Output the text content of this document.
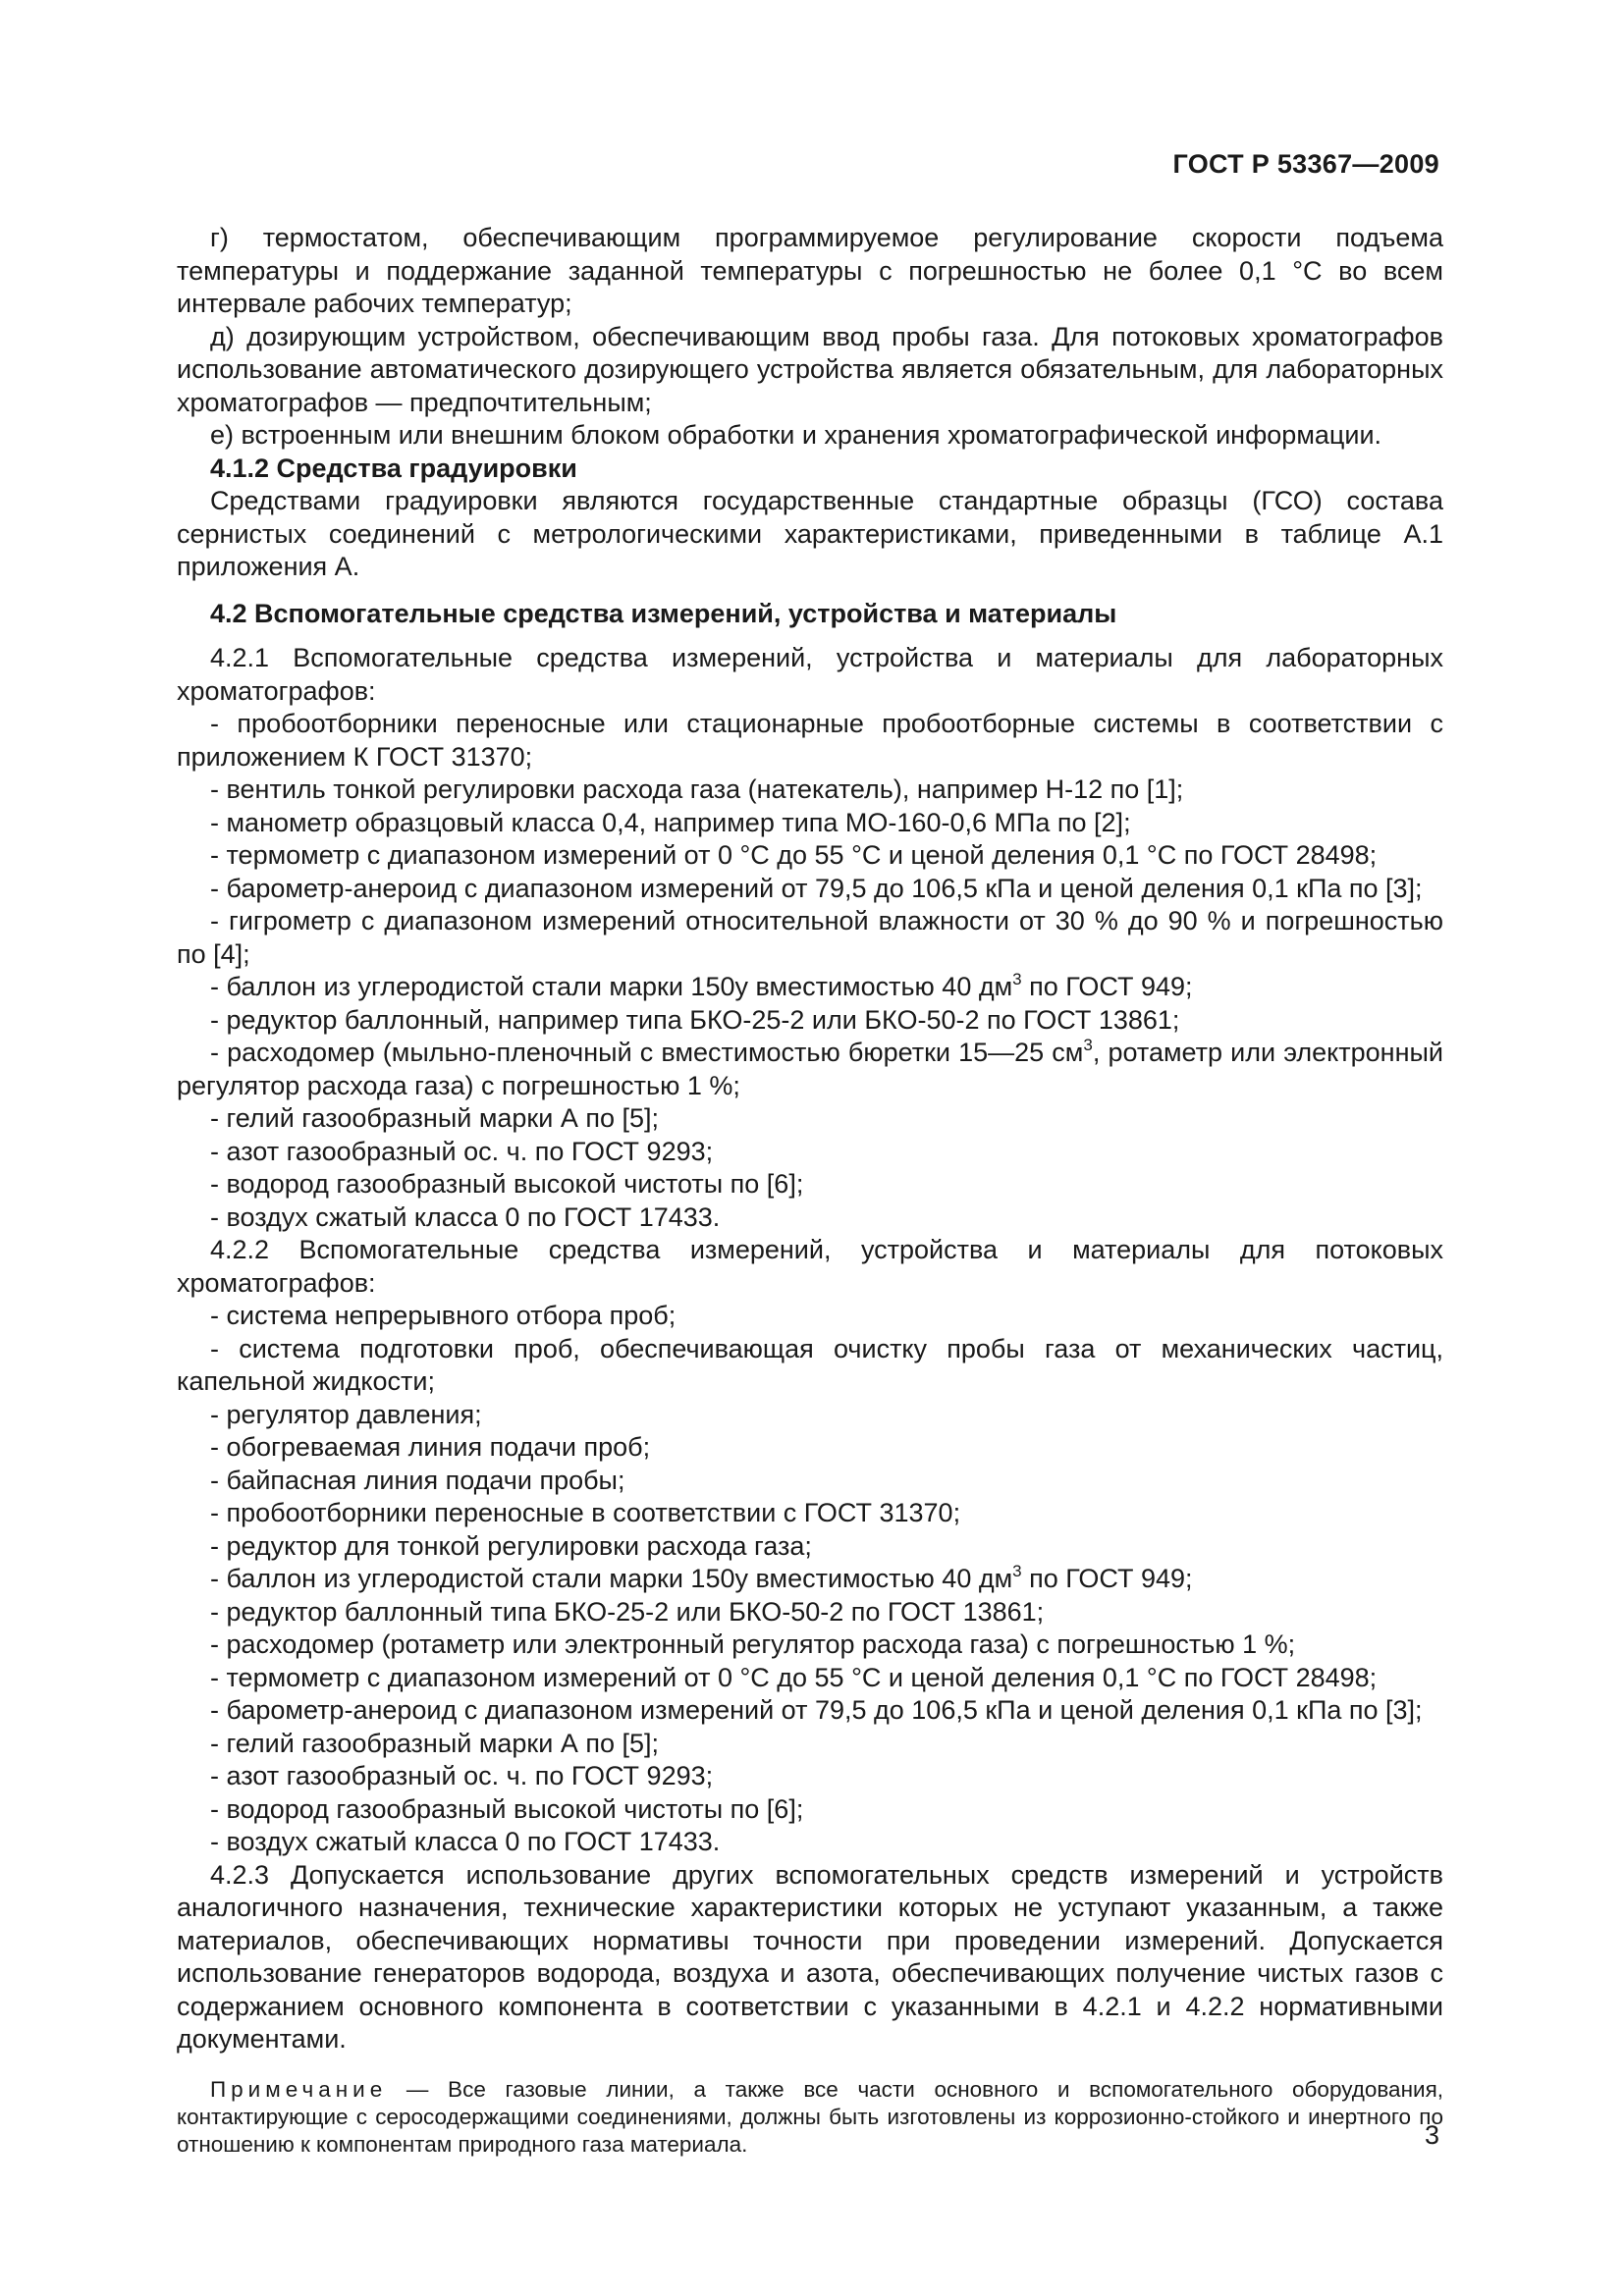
ГОСТ Р 53367—2009

г) термостатом, обеспечивающим программируемое регулирование скорости подъема температуры и поддержание заданной температуры с погрешностью не более 0,1 °С во всем интервале рабочих температур;

д) дозирующим устройством, обеспечивающим ввод пробы газа. Для потоковых хроматографов использование автоматического дозирующего устройства является обязательным, для лабораторных хроматографов — предпочтительным;

е) встроенным или внешним блоком обработки и хранения хроматографической информации.

4.1.2 Средства градуировки

Средствами градуировки являются государственные стандартные образцы (ГСО) состава сернистых соединений с метрологическими характеристиками, приведенными в таблице А.1 приложения А.

4.2 Вспомогательные средства измерений, устройства и материалы

4.2.1 Вспомогательные средства измерений, устройства и материалы для лабораторных хроматографов:

- пробоотборники переносные или стационарные пробоотборные системы в соответствии с приложением К ГОСТ 31370;

- вентиль тонкой регулировки расхода газа (натекатель), например Н-12 по [1];

- манометр образцовый класса 0,4, например типа МО-160-0,6 МПа по [2];

- термометр с диапазоном измерений от 0 °С до 55 °С и ценой деления 0,1 °С по ГОСТ 28498;

- барометр-анероид с диапазоном измерений от 79,5 до 106,5 кПа и ценой деления 0,1 кПа по [3];

- гигрометр с диапазоном измерений относительной влажности от 30 % до 90 % и погрешностью по [4];

- баллон из углеродистой стали марки 150у вместимостью 40 $дм^3$ по ГОСТ 949;

- редуктор баллонный, например типа БКО-25-2 или БКО-50-2 по ГОСТ 13861;

- расходомер (мыльно-пленочный с вместимостью бюретки 15—25 $см^3$, ротаметр или электронный регулятор расхода газа) с погрешностью 1 %;

- гелий газообразный марки А по [5];

- азот газообразный ос. ч. по ГОСТ 9293;

- водород газообразный высокой чистоты по [6];

- воздух сжатый класса 0 по ГОСТ 17433.

4.2.2 Вспомогательные средства измерений, устройства и материалы для потоковых хроматографов:

- система непрерывного отбора проб;

- система подготовки проб, обеспечивающая очистку пробы газа от механических частиц, капельной жидкости;

- регулятор давления;

- обогреваемая линия подачи проб;

- байпасная линия подачи пробы;

- пробоотборники переносные в соответствии с ГОСТ 31370;

- редуктор для тонкой регулировки расхода газа;

- баллон из углеродистой стали марки 150у вместимостью 40 $дм^3$ по ГОСТ 949;

- редуктор баллонный типа БКО-25-2 или БКО-50-2 по ГОСТ 13861;

- расходомер (ротаметр или электронный регулятор расхода газа) с погрешностью 1 %;

- термометр с диапазоном измерений от 0 °С до 55 °С и ценой деления 0,1 °С по ГОСТ 28498;

- барометр-анероид с диапазоном измерений от 79,5 до 106,5 кПа и ценой деления 0,1 кПа по [3];

- гелий газообразный марки А по [5];

- азот газообразный ос. ч. по ГОСТ 9293;

- водород газообразный высокой чистоты по [6];

- воздух сжатый класса 0 по ГОСТ 17433.

4.2.3 Допускается использование других вспомогательных средств измерений и устройств аналогичного назначения, технические характеристики которых не уступают указанным, а также материалов, обеспечивающих нормативы точности при проведении измерений. Допускается использование генераторов водорода, воздуха и азота, обеспечивающих получение чистых газов с содержанием основного компонента в соответствии с указанными в 4.2.1 и 4.2.2 нормативными документами.

Примечание — Все газовые линии, а также все части основного и вспомогательного оборудования, контактирующие с серосодержащими соединениями, должны быть изготовлены из коррозионно-стойкого и инертного по отношению к компонентам природного газа материала.	3
